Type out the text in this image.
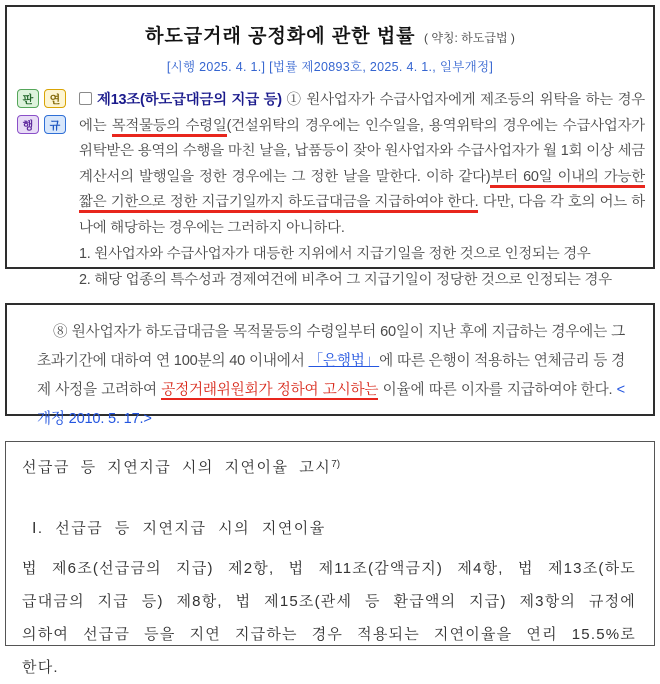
하도급거래 공정화에 관한 법률 ( 약칭: 하도급법 )
[시행 2025. 4. 1.] [법률 제20893호, 2025. 4. 1., 일부개정]
판	연
행	규
제13조(하도급대금의 지급 등) ① 원사업자가 수급사업자에게 제조등의 위탁을 하는 경우에는 목적물등의 수령일(건설위탁의 경우에는 인수일을, 용역위탁의 경우에는 수급사업자가 위탁받은 용역의 수행을 마친 날을, 납품등이 잦아 원사업자와 수급사업자가 월 1회 이상 세금계산서의 발행일을 정한 경우에는 그 정한 날을 말한다. 이하 같다)부터 60일 이내의 가능한 짧은 기한으로 정한 지급기일까지 하도급대금을 지급하여야 한다. 다만, 다음 각 호의 어느 하나에 해당하는 경우에는 그러하지 아니하다.
1. 원사업자와 수급사업자가 대등한 지위에서 지급기일을 정한 것으로 인정되는 경우
2. 해당 업종의 특수성과 경제여건에 비추어 그 지급기일이 정당한 것으로 인정되는 경우
⑧ 원사업자가 하도급대금을 목적물등의 수령일부터 60일이 지난 후에 지급하는 경우에는 그 초과기간에 대하여 연 100분의 40 이내에서 「은행법」에 따른 은행이 적용하는 연체금리 등 경제 사정을 고려하여 공정거래위원회가 정하여 고시하는 이율에 따른 이자를 지급하여야 한다. <개정 2010. 5. 17.>
선급금 등 지연지급 시의 지연이율 고시$^{7)}$
Ⅰ. 선급금 등 지연지급 시의 지연이율
법 제6조(선급금의 지급) 제2항, 법 제11조(감액금지) 제4항, 법 제13조(하도급대금의 지급 등) 제8항, 법 제15조(관세 등 환급액의 지급) 제3항의 규정에 의하여 선급금 등을 지연 지급하는 경우 적용되는 지연이율을 연리 15.5%로 한다.
